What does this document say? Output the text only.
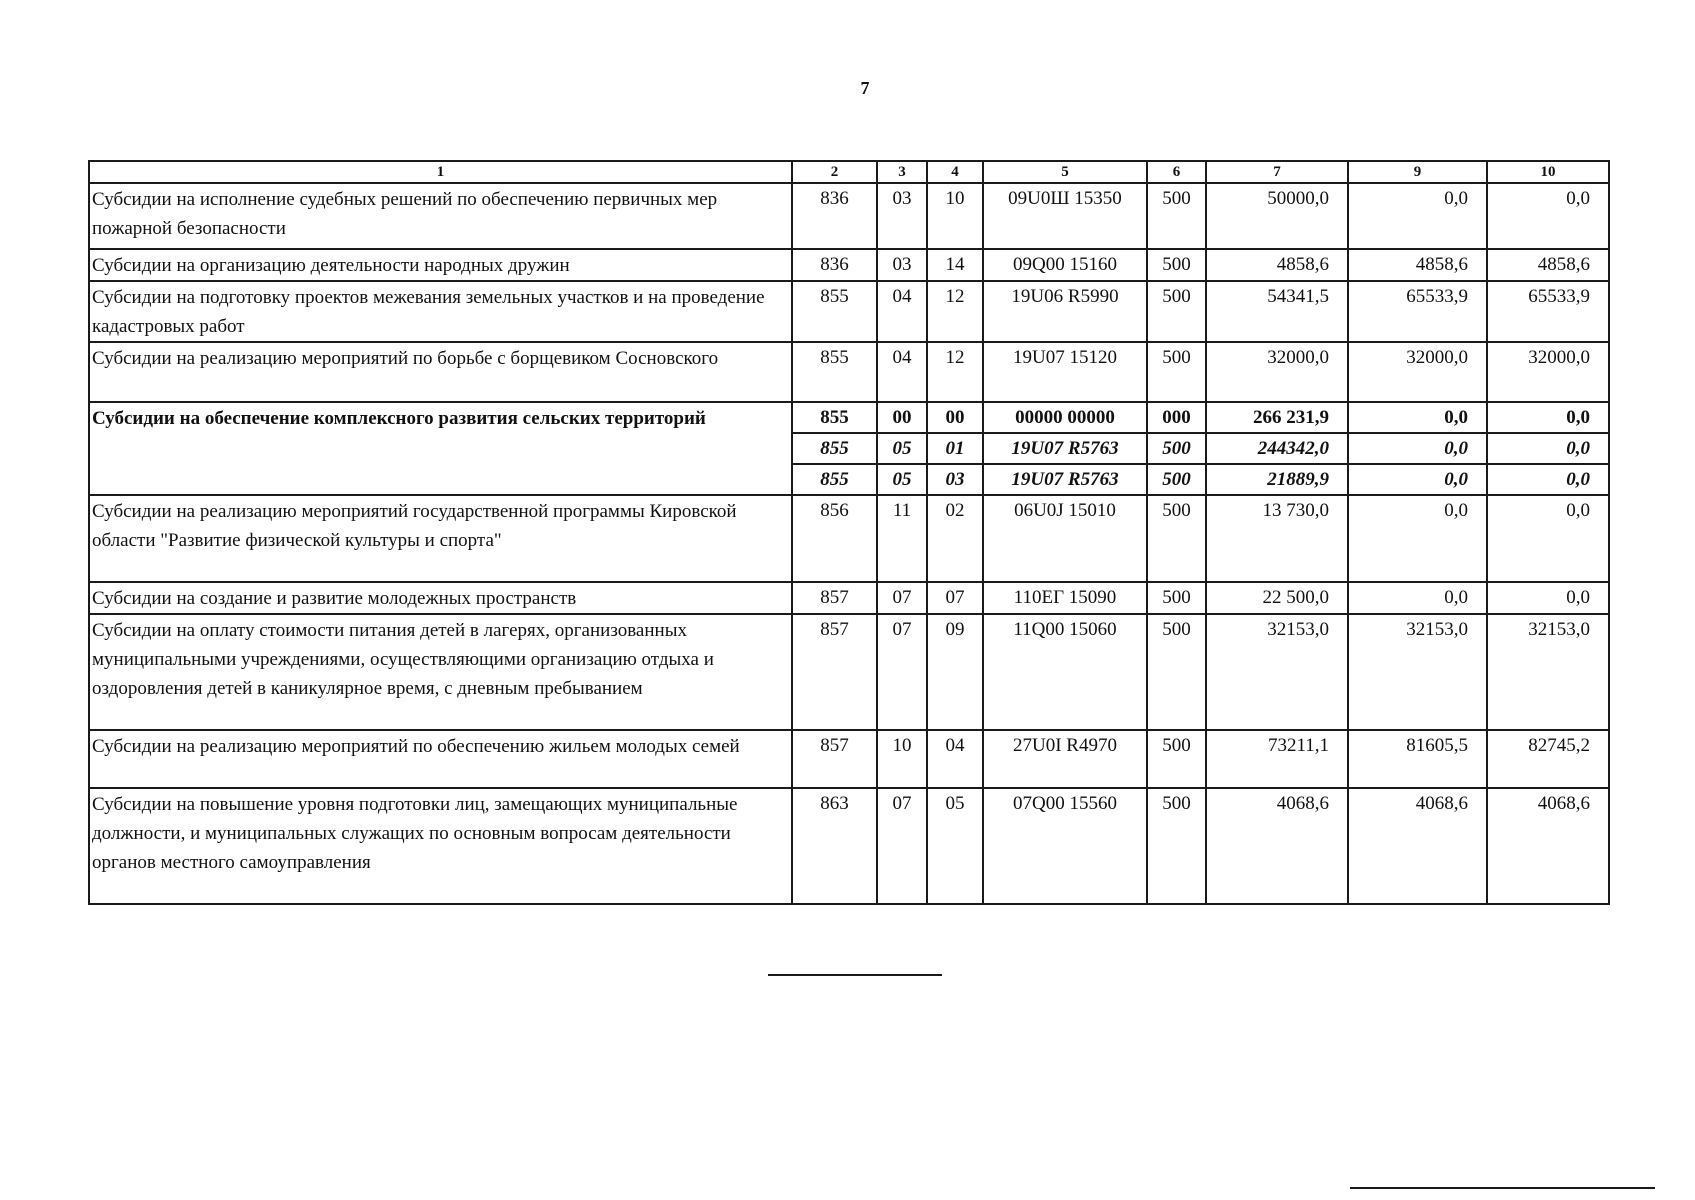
7
1	2	3	4	5	6	7	9	10
Субсидии на исполнение судебных решений по обеспечению первичных мер пожарной безопасности	836	03	10	09U0Ш 15350	500	50000,0	0,0	0,0
Субсидии на организацию деятельности народных дружин	836	03	14	09Q00 15160	500	4858,6	4858,6	4858,6
Субсидии на подготовку проектов межевания земельных участков и на проведение кадастровых работ	855	04	12	19U06 R5990	500	54341,5	65533,9	65533,9
Субсидии на реализацию мероприятий по борьбе с борщевиком Сосновского	855	04	12	19U07 15120	500	32000,0	32000,0	32000,0
Субсидии на обеспечение комплексного развития сельских территорий	855	00	00	00000 00000	000	266 231,9	0,0	0,0
	855	05	01	19U07 R5763	500	244342,0	0,0	0,0
	855	05	03	19U07 R5763	500	21889,9	0,0	0,0
Субсидии на реализацию мероприятий государственной программы Кировской области "Развитие физической культуры и спорта"	856	11	02	06U0J 15010	500	13 730,0	0,0	0,0
Субсидии на создание и развитие молодежных пространств	857	07	07	110ЕГ 15090	500	22 500,0	0,0	0,0
Субсидии на оплату стоимости питания детей в лагерях, организованных муниципальными учреждениями, осуществляющими организацию отдыха и оздоровления детей в каникулярное время, с дневным пребыванием	857	07	09	11Q00 15060	500	32153,0	32153,0	32153,0
Субсидии на реализацию мероприятий по обеспечению жильем молодых семей	857	10	04	27U0I R4970	500	73211,1	81605,5	82745,2
Субсидии на повышение уровня подготовки лиц, замещающих муниципальные должности, и муниципальных служащих по основным вопросам деятельности органов местного самоуправления	863	07	05	07Q00 15560	500	4068,6	4068,6	4068,6
